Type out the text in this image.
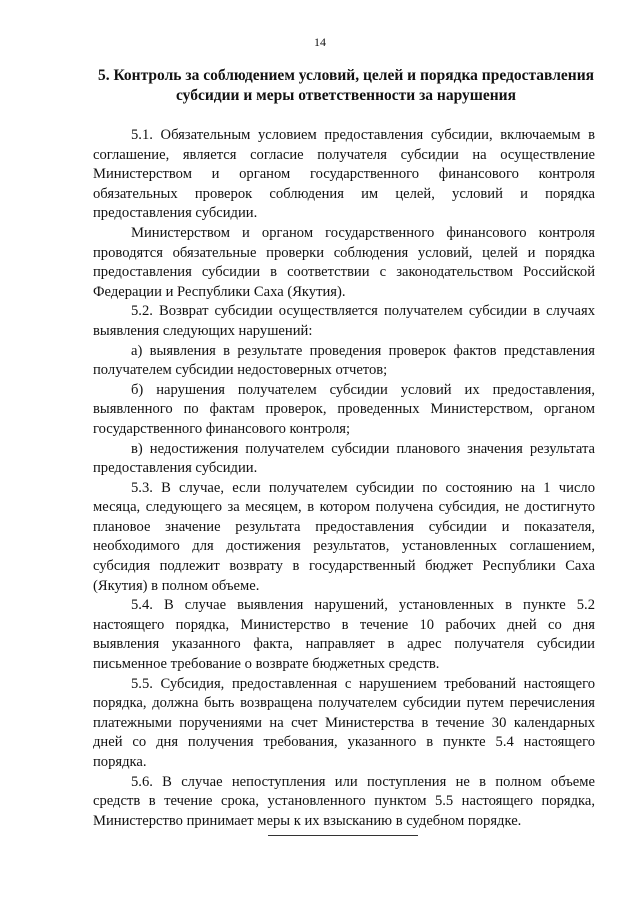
14
5. Контроль за соблюдением условий, целей и порядка предоставления субсидии и меры ответственности за нарушения

5.1. Обязательным условием предоставления субсидии, включаемым в соглашение, является согласие получателя субсидии на осуществление Министерством и органом государственного финансового контроля обязательных проверок соблюдения им целей, условий и порядка предоставления субсидии.

Министерством и органом государственного финансового контроля проводятся обязательные проверки соблюдения условий, целей и порядка предоставления субсидии в соответствии с законодательством Российской Федерации и Республики Саха (Якутия).

5.2. Возврат субсидии осуществляется получателем субсидии в случаях выявления следующих нарушений:

а) выявления в результате проведения проверок фактов представления получателем субсидии недостоверных отчетов;

б) нарушения получателем субсидии условий их предоставления, выявленного по фактам проверок, проведенных Министерством, органом государственного финансового контроля;

в) недостижения получателем субсидии планового значения результата предоставления субсидии.

5.3. В случае, если получателем субсидии по состоянию на 1 число месяца, следующего за месяцем, в котором получена субсидия, не достигнуто плановое значение результата предоставления субсидии и показателя, необходимого для достижения результатов, установленных соглашением, субсидия подлежит возврату в государственный бюджет Республики Саха (Якутия) в полном объеме.

5.4. В случае выявления нарушений, установленных в пункте 5.2 настоящего порядка, Министерство в течение 10 рабочих дней со дня выявления указанного факта, направляет в адрес получателя субсидии письменное требование о возврате бюджетных средств.

5.5. Субсидия, предоставленная с нарушением требований настоящего порядка, должна быть возвращена получателем субсидии путем перечисления платежными поручениями на счет Министерства в течение 30 календарных дней со дня получения требования, указанного в пункте 5.4 настоящего порядка.

5.6. В случае непоступления или поступления не в полном объеме средств в течение срока, установленного пунктом 5.5 настоящего порядка, Министерство принимает меры к их взысканию в судебном порядке.
